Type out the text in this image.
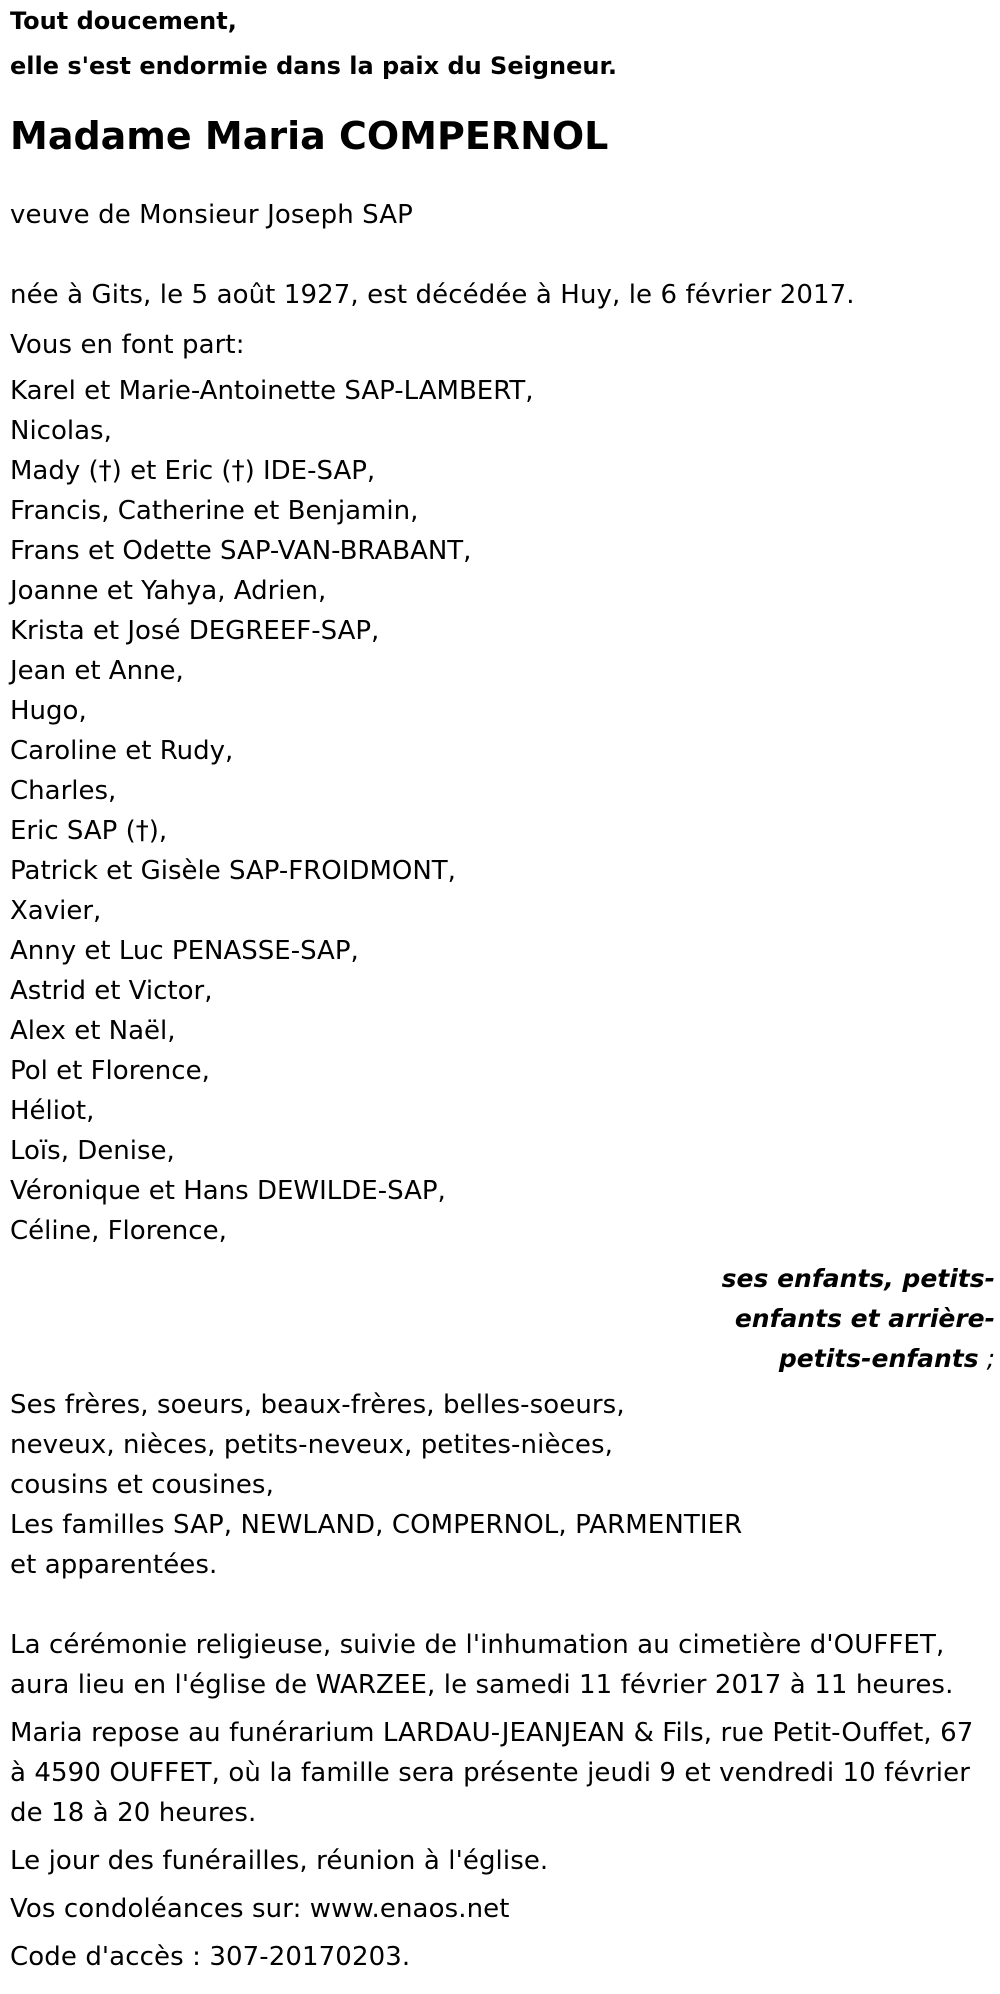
Tout doucement,

elle s'est endormie dans la paix du Seigneur.

Madame Maria COMPERNOL

veuve de Monsieur Joseph SAP

née à Gits, le 5 août 1927, est décédée à Huy, le 6 février 2017.

Vous en font part:

Karel et Marie-Antoinette SAP-LAMBERT,

Nicolas,

Mady (†) et Eric (†) IDE-SAP,

Francis, Catherine et Benjamin,

Frans et Odette SAP-VAN-BRABANT,

Joanne et Yahya, Adrien,

Krista et José DEGREEF-SAP,

Jean et Anne,

Hugo,

Caroline et Rudy,

Charles,

Eric SAP (†),

Patrick et Gisèle SAP-FROIDMONT,

Xavier,

Anny et Luc PENASSE-SAP,

Astrid et Victor,

Alex et Naël,

Pol et Florence,

Héliot,

Loïs, Denise,

Véronique et Hans DEWILDE-SAP,

Céline, Florence,

ses enfants, petits-
enfants et arrière-
petits-enfants ;

Ses frères, soeurs, beaux-frères, belles-soeurs,

neveux, nièces, petits-neveux, petites-nièces,

cousins et cousines,

Les familles SAP, NEWLAND, COMPERNOL, PARMENTIER

et apparentées.

La cérémonie religieuse, suivie de l'inhumation au cimetière d'OUFFET,

aura lieu en l'église de WARZEE, le samedi 11 février 2017 à 11 heures.

Maria repose au funérarium LARDAU-JEANJEAN & Fils, rue Petit-Ouffet, 67

à 4590 OUFFET, où la famille sera présente jeudi 9 et vendredi 10 février

de 18 à 20 heures.

Le jour des funérailles, réunion à l'église.

Vos condoléances sur: www.enaos.net

Code d'accès : 307-20170203.
